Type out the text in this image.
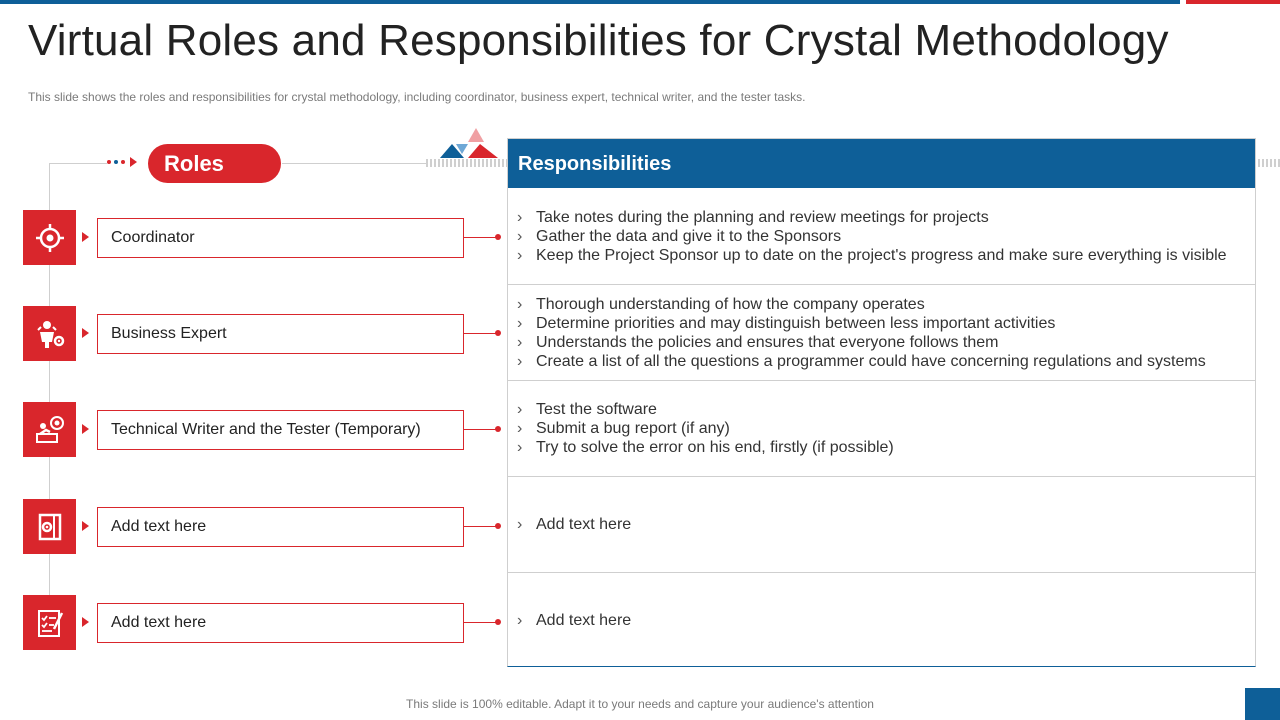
Virtual Roles and Responsibilities for Crystal Methodology
This slide shows the roles and responsibilities for crystal methodology, including coordinator, business expert, technical writer, and the tester tasks.
Roles	Responsibilities
› Take notes during the planning and review meetings for projects
› Gather the data and give it to the Sponsors
› Keep the Project Sponsor up to date on the project's progress and make sure everything is visible
› Thorough understanding of how the company operates
› Determine priorities and may distinguish between less important activities
› Understands the policies and ensures that everyone follows them
› Create a list of all the questions a programmer could have concerning regulations and systems
› Test the software
› Submit a bug report (if any)
› Try to solve the error on his end, firstly (if possible)
› Add text here
› Add text here
Coordinator
Business Expert
Technical Writer and the Tester (Temporary)
Add text here
Add text here
This slide is 100% editable. Adapt it to your needs and capture your audience's attention
